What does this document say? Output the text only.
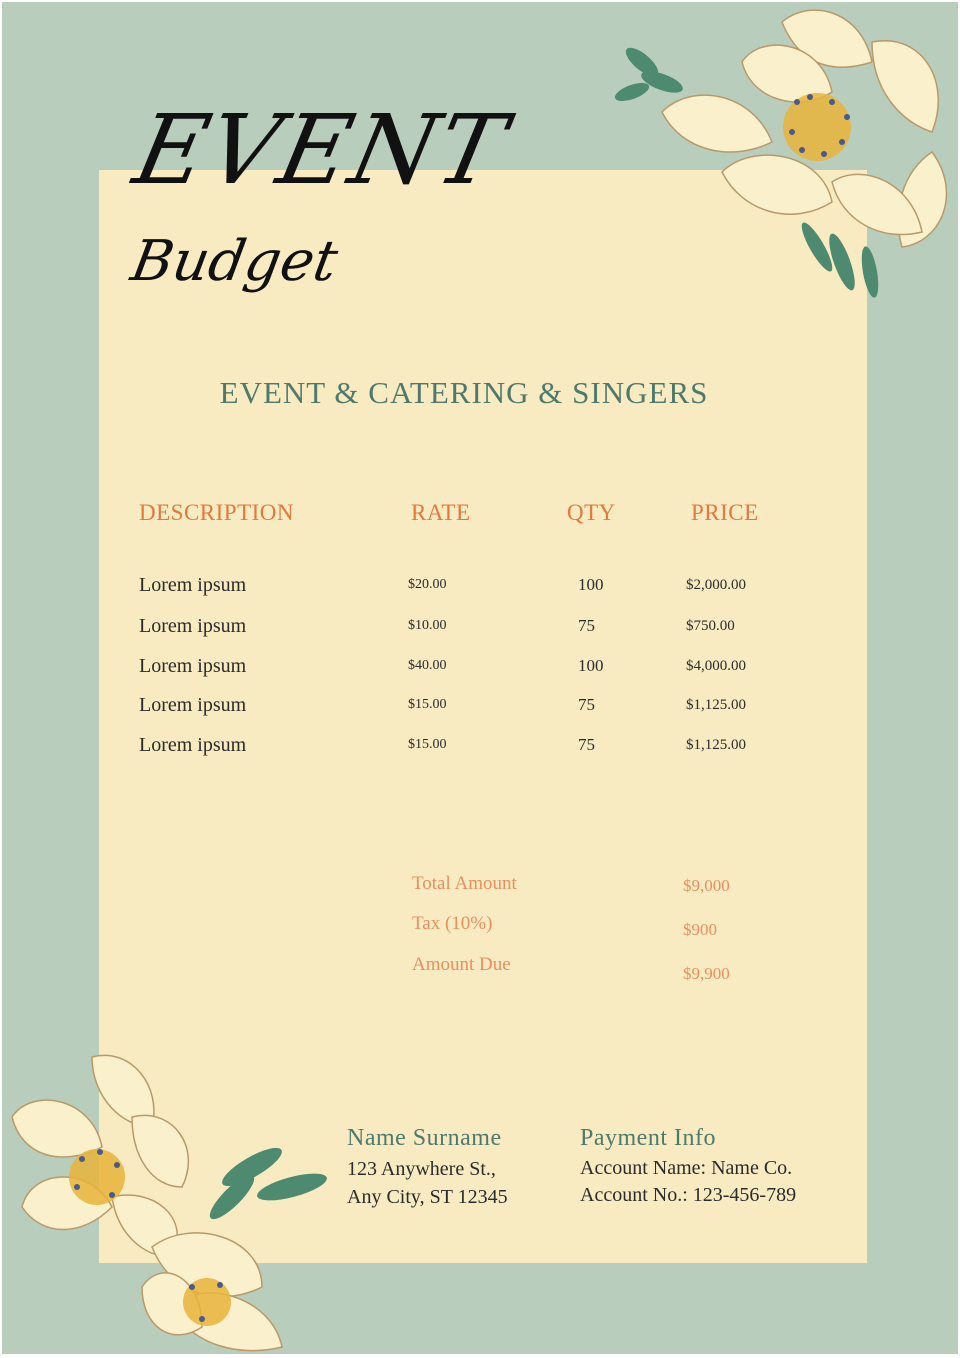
EVENT
Budget

EVENT & CATERING & SINGERS

DESCRIPTION	RATE	QTY	PRICE
Lorem ipsum	$20.00	100	$2,000.00
Lorem ipsum	$10.00	75	$750.00
Lorem ipsum	$40.00	100	$4,000.00
Lorem ipsum	$15.00	75	$1,125.00
Lorem ipsum	$15.00	75	$1,125.00
Total Amount	$9,000
Tax (10%)	$900
Amount Due	$9,900
Name Surname
123 Anywhere St.,
Any City, ST 12345
Payment Info
Account Name: Name Co.
Account No.: 123-456-789
